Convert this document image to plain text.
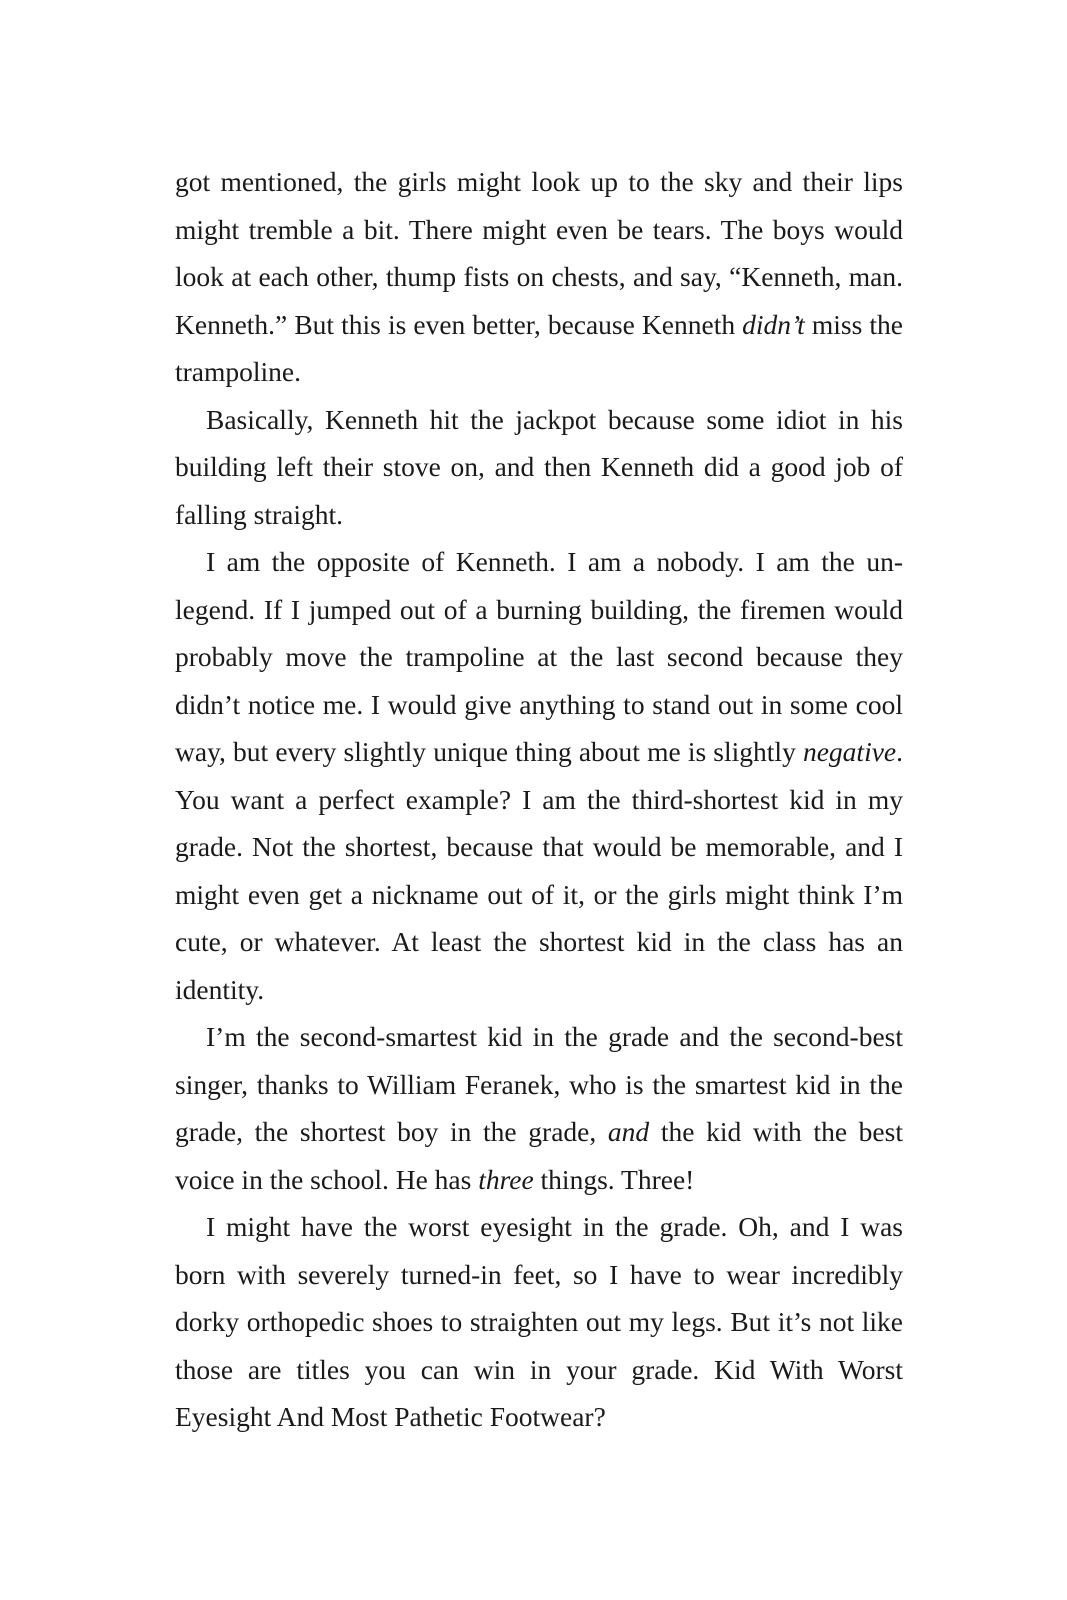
got mentioned, the girls might look up to the sky and their lips might tremble a bit. There might even be tears. The boys would look at each other, thump fists on chests, and say, “Kenneth, man. Kenneth.” But this is even better, because Kenneth didn’t miss the trampoline.

Basically, Kenneth hit the jackpot because some idiot in his building left their stove on, and then Kenneth did a good job of falling straight.

I am the opposite of Kenneth. I am a nobody. I am the unlegend. If I jumped out of a burning building, the firemen would probably move the trampoline at the last second because they didn’t notice me. I would give anything to stand out in some cool way, but every slightly unique thing about me is slightly negative. You want a perfect example? I am the third-shortest kid in my grade. Not the shortest, because that would be memorable, and I might even get a nickname out of it, or the girls might think I’m cute, or whatever. At least the shortest kid in the class has an identity.

I’m the second-smartest kid in the grade and the second-best singer, thanks to William Feranek, who is the smartest kid in the grade, the shortest boy in the grade, and the kid with the best voice in the school. He has three things. Three!

I might have the worst eyesight in the grade. Oh, and I was born with severely turned-in feet, so I have to wear incredibly dorky orthopedic shoes to straighten out my legs. But it’s not like those are titles you can win in your grade. Kid With Worst Eyesight And Most Pathetic Footwear?
